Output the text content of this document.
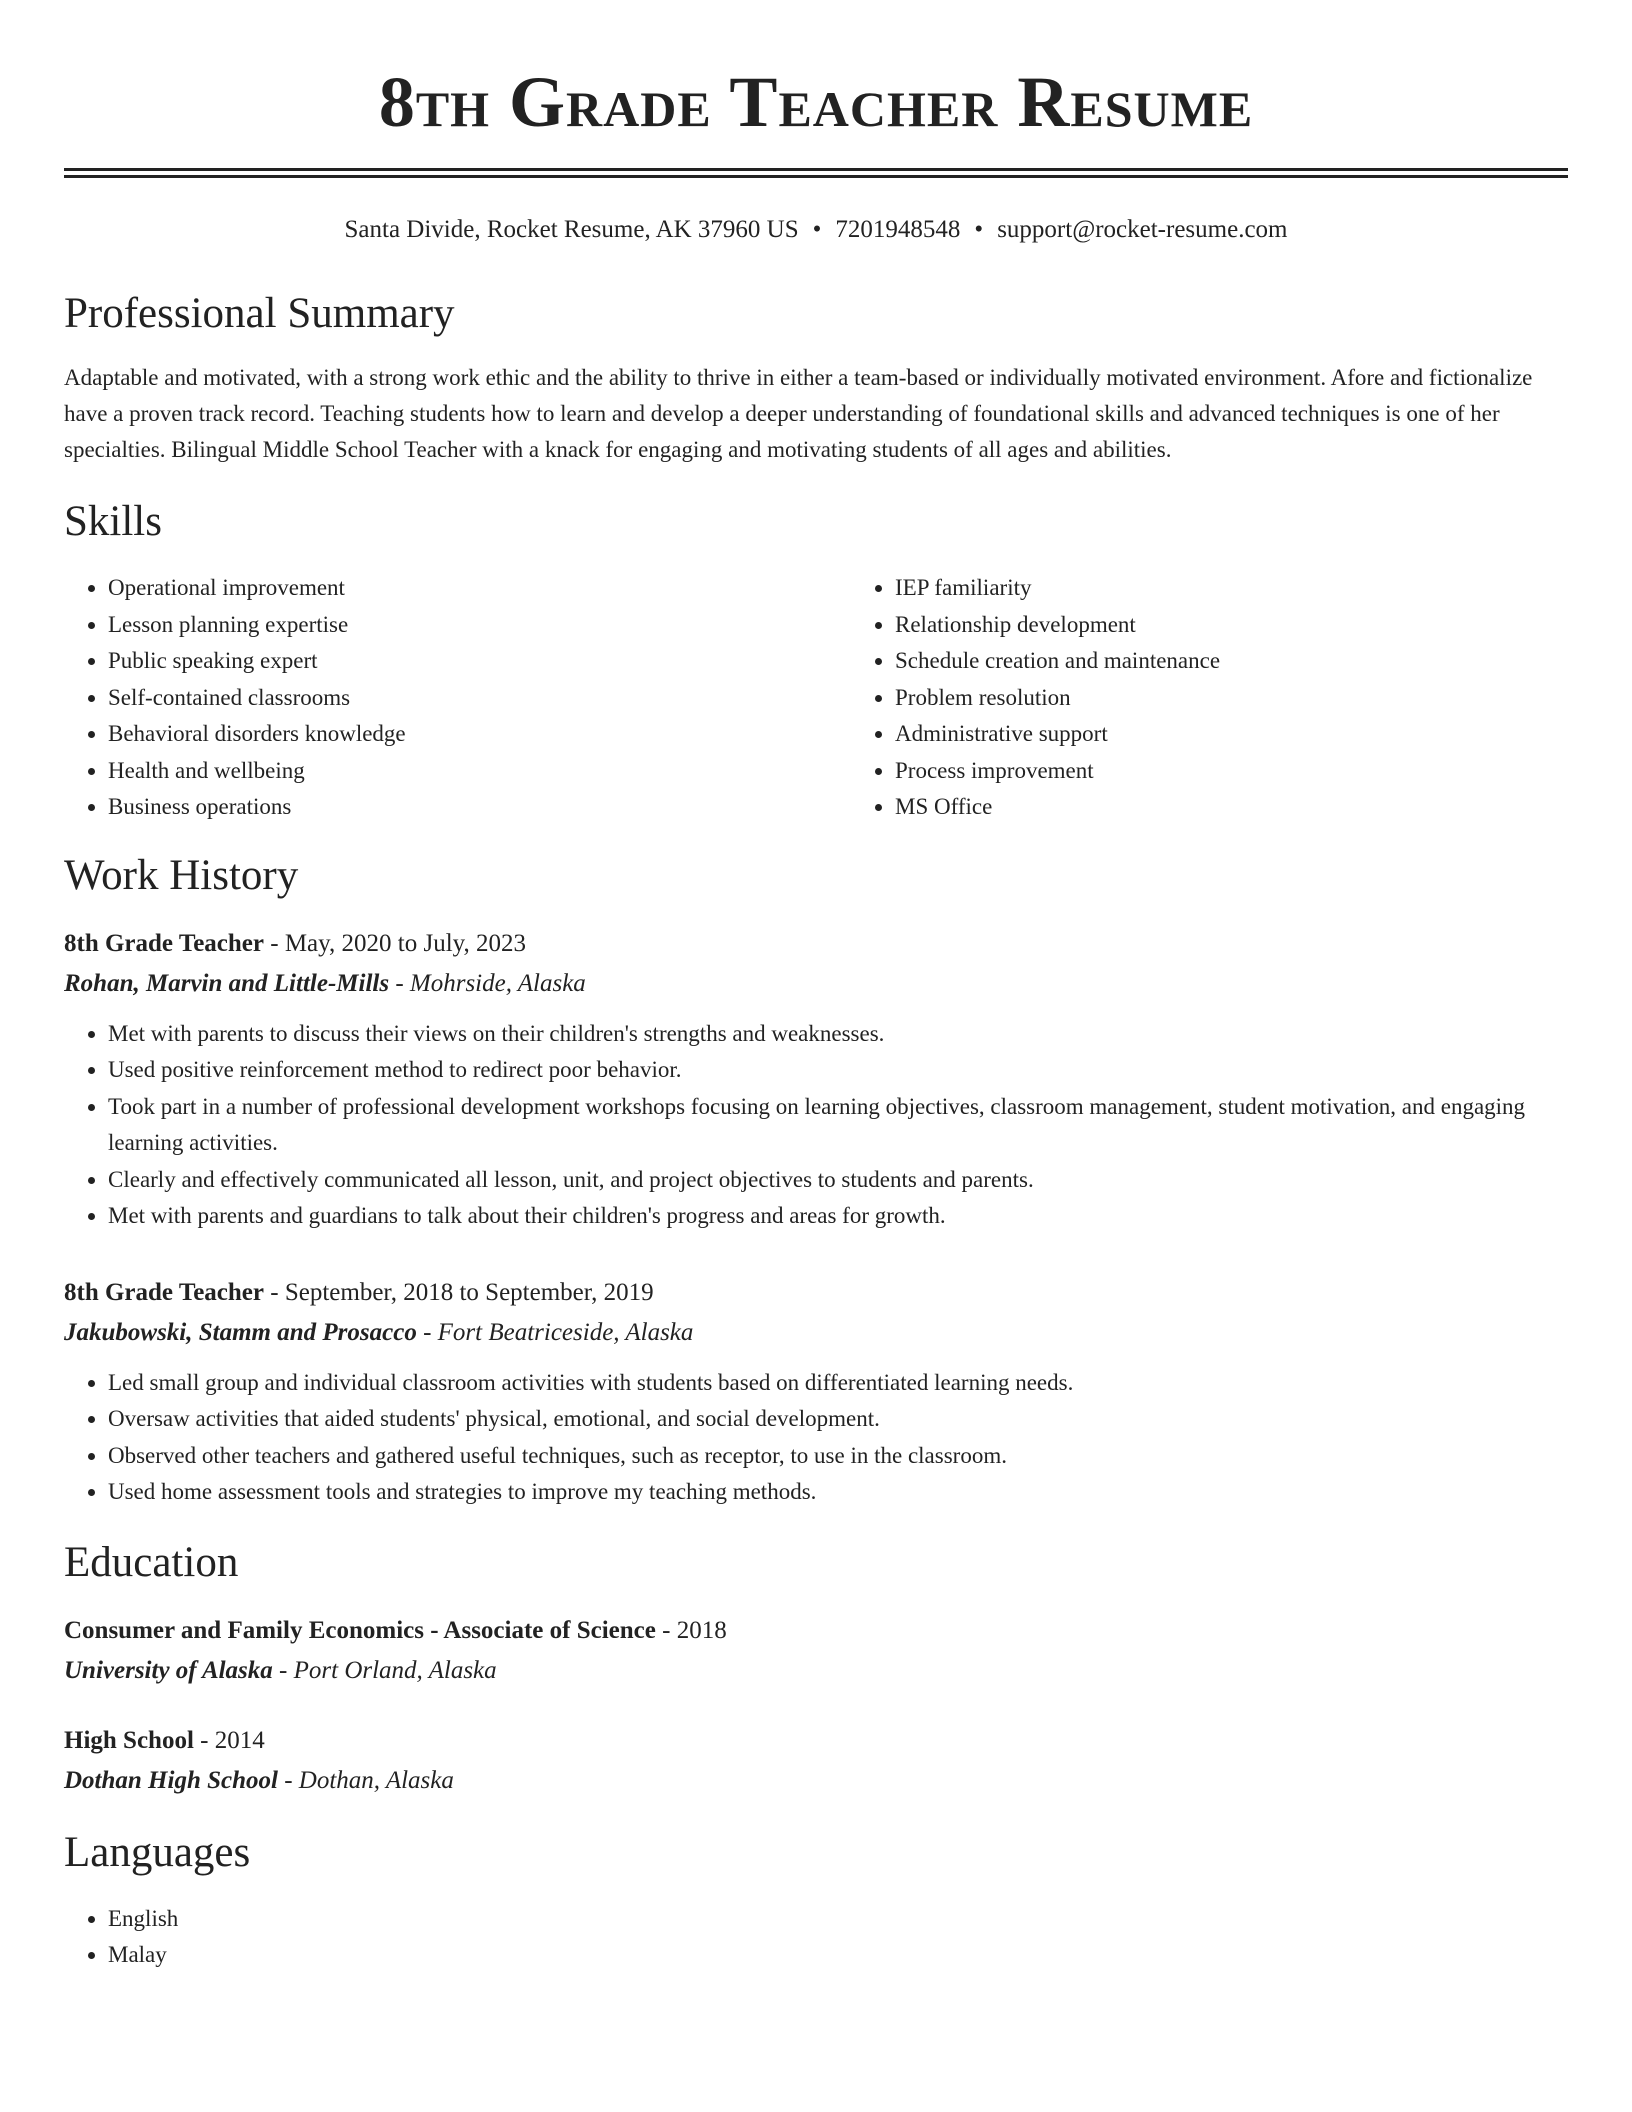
8th Grade Teacher Resume
Santa Divide, Rocket Resume, AK 37960 US • 7201948548 • support@rocket-resume.com
Professional Summary

Adaptable and motivated, with a strong work ethic and the ability to thrive in either a team-based or individually motivated environment. Afore and fictionalize have a proven track record. Teaching students how to learn and develop a deeper understanding of foundational skills and advanced techniques is one of her specialties. Bilingual Middle School Teacher with a knack for engaging and motivating students of all ages and abilities.

Skills
• Operational improvement
• Lesson planning expertise
• Public speaking expert
• Self-contained classrooms
• Behavioral disorders knowledge
• Health and wellbeing
• Business operations
• IEP familiarity
• Relationship development
• Schedule creation and maintenance
• Problem resolution
• Administrative support
• Process improvement
• MS Office
Work History
8th Grade Teacher - May, 2020 to July, 2023
Rohan, Marvin and Little-Mills - Mohrside, Alaska
• Met with parents to discuss their views on their children's strengths and weaknesses.
• Used positive reinforcement method to redirect poor behavior.
• Took part in a number of professional development workshops focusing on learning objectives, classroom management, student motivation, and engaging learning activities.
• Clearly and effectively communicated all lesson, unit, and project objectives to students and parents.
• Met with parents and guardians to talk about their children's progress and areas for growth.
8th Grade Teacher - September, 2018 to September, 2019
Jakubowski, Stamm and Prosacco - Fort Beatriceside, Alaska
• Led small group and individual classroom activities with students based on differentiated learning needs.
• Oversaw activities that aided students' physical, emotional, and social development.
• Observed other teachers and gathered useful techniques, such as receptor, to use in the classroom.
• Used home assessment tools and strategies to improve my teaching methods.
Education
Consumer and Family Economics - Associate of Science - 2018
University of Alaska - Port Orland, Alaska
High School - 2014
Dothan High School - Dothan, Alaska
Languages
• English
• Malay
